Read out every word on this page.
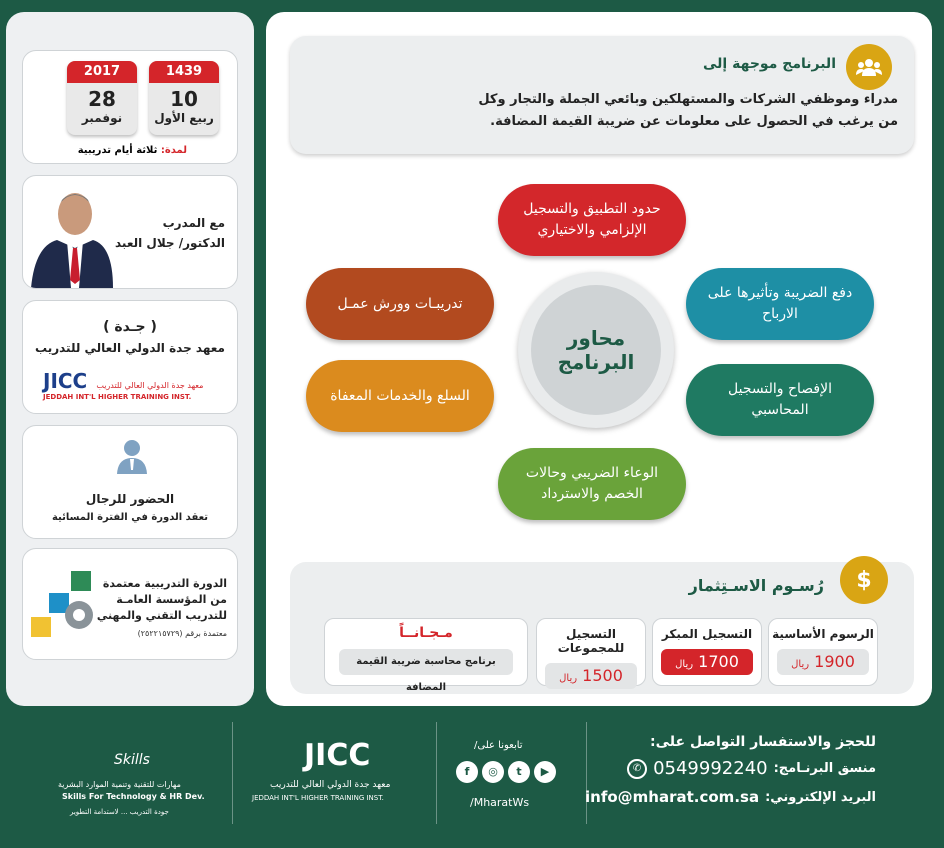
1439
10
ربيع الأول
2017
28
نوفمبر
لمدة: ثلاثة أيام تدريبية
مع المدرب
الدكتور/ جلال العبد
( جـدة )
معهد جدة الدولي العالي للتدريب
JICC معهد جدة الدولي العالي للتدريب
JEDDAH INT'L HIGHER TRAINING INST.
الحضور للرجال
تعقد الدورة في الفترة المسائية
الدورة التدريبية معتمدة
من المؤسسة العامـة
للتدريب التقني والمهني
معتمدة برقم (٢٥٢٢١٥٧٢٩)
البرنامج موجهة إلى
مدراء وموظفي الشركات والمستهلكين وبائعي الجملة والتجار وكل
من يرغب في الحصول على معلومات عن ضريبة القيمة المضافة.
محاور
البرنامج
حدود التطبيق والتسجيل الإلزامي والاختياري
دفع الضريبة وتأثيرها على الارباح
الإفصاح والتسجيل المحاسبي
الوعاء الضريبي وحالات الخصم والاسترداد
السلع والخدمات المعفاة
تدريبـات وورش عمـل
$
رُسـوم الاسـتِثمار
الرسوم الأساسية
1900 ريال
التسجيل المبكر
1700 ريال
التسجيل للمجموعات
1500 ريال
مـجـانــاً
برنامج محاسبة ضريبة القيمة المضافة
للحجز والاستفسار التواصل على:
منسق البرنـامج:
0549992240
✆
البريد الإلكتروني:
info@mharat.com.sa
تابعونا على/
f ◎ t ▶
/MharatWs
JICC
معهد جدة الدولي العالي للتدريب
JEDDAH INT'L HIGHER TRAINING INST.
Skills
مهارات للتقنية وتنمية الموارد البشرية
Skills For Technology & HR Dev.
جودة التدريب ... لاستدامة التطوير
